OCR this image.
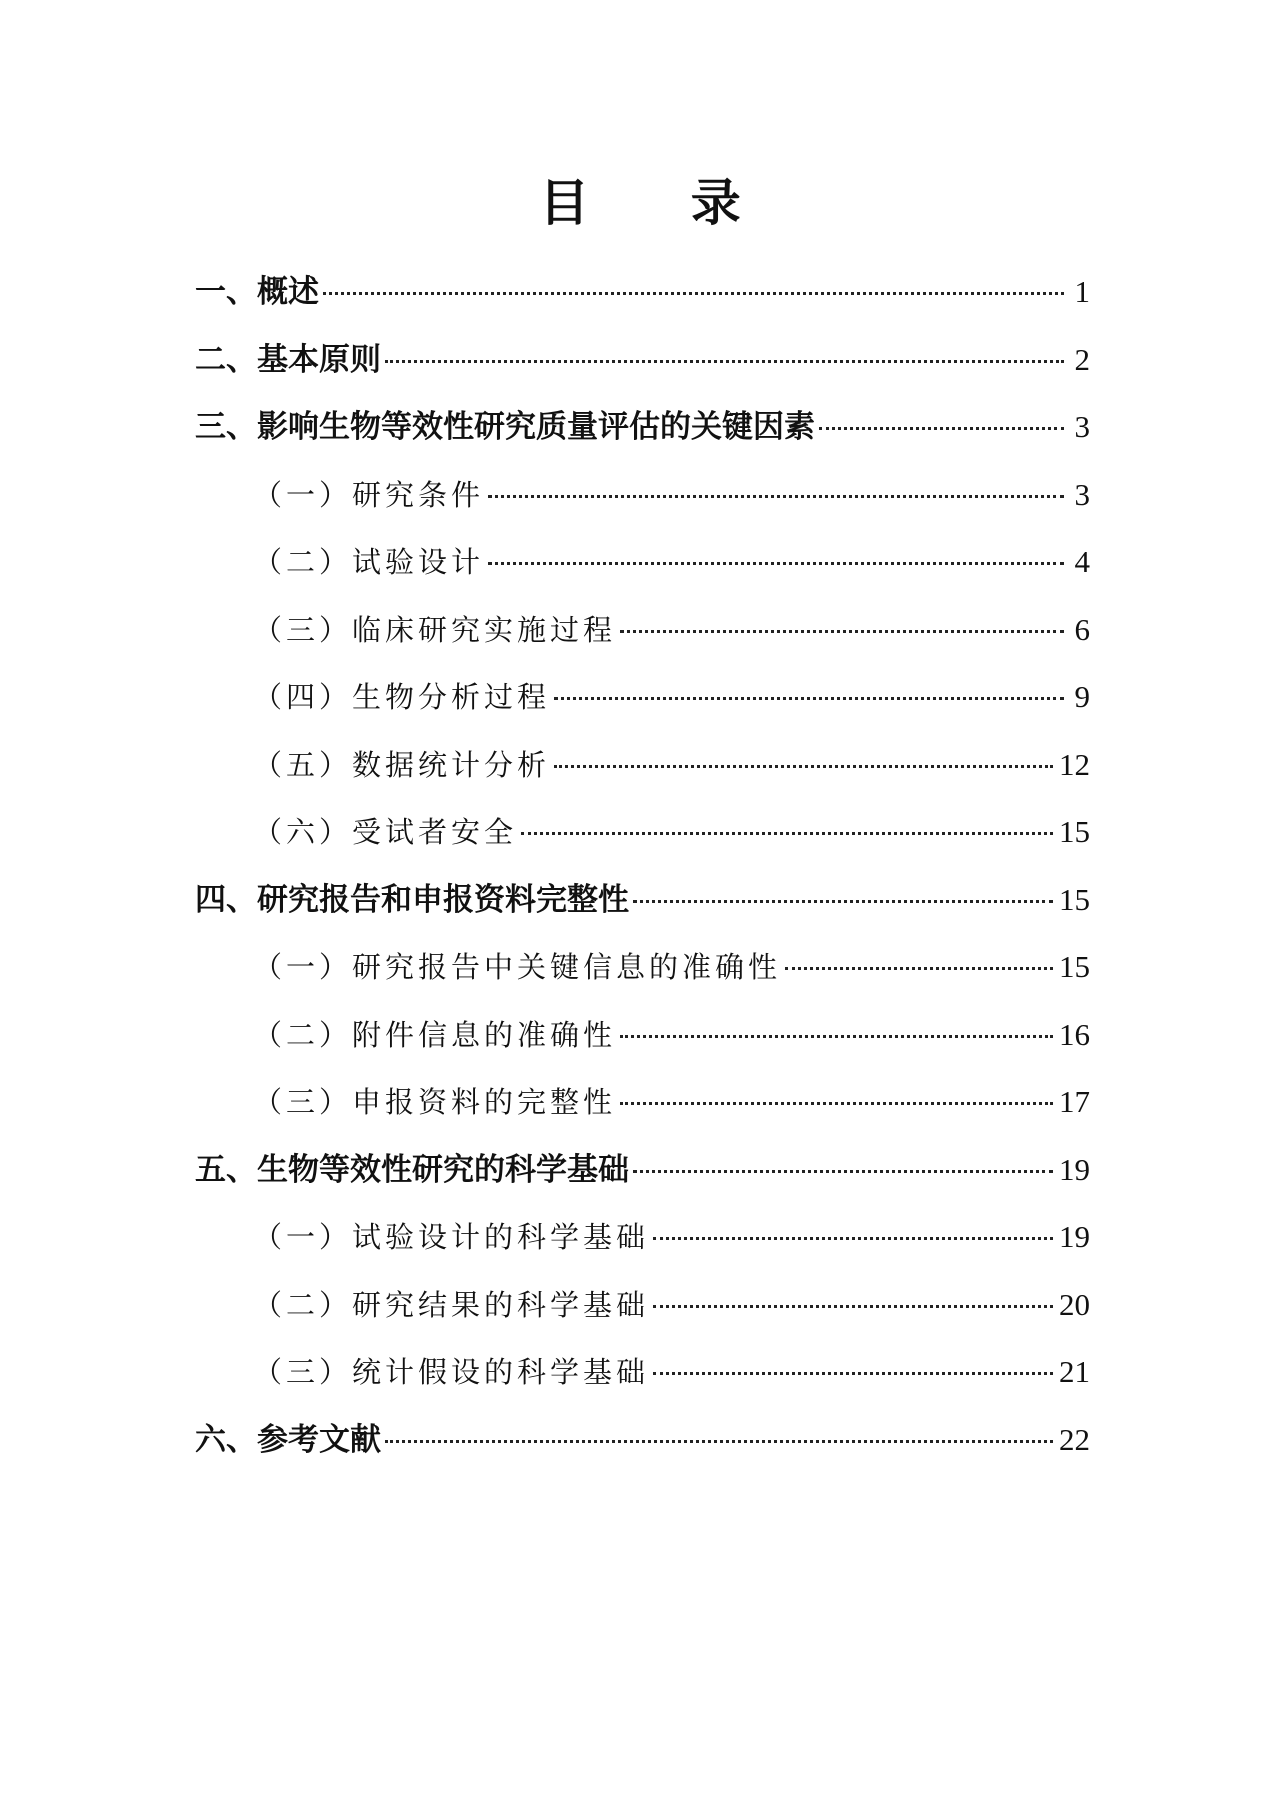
目 录
一、概述	1
二、基本原则	2
三、影响生物等效性研究质量评估的关键因素	3
（一）研究条件	3
（二）试验设计	4
（三）临床研究实施过程	6
（四）生物分析过程	9
（五）数据统计分析	12
（六）受试者安全	15
四、研究报告和申报资料完整性	15
（一）研究报告中关键信息的准确性	15
（二）附件信息的准确性	16
（三）申报资料的完整性	17
五、生物等效性研究的科学基础	19
（一）试验设计的科学基础	19
（二）研究结果的科学基础	20
（三）统计假设的科学基础	21
六、参考文献	22
